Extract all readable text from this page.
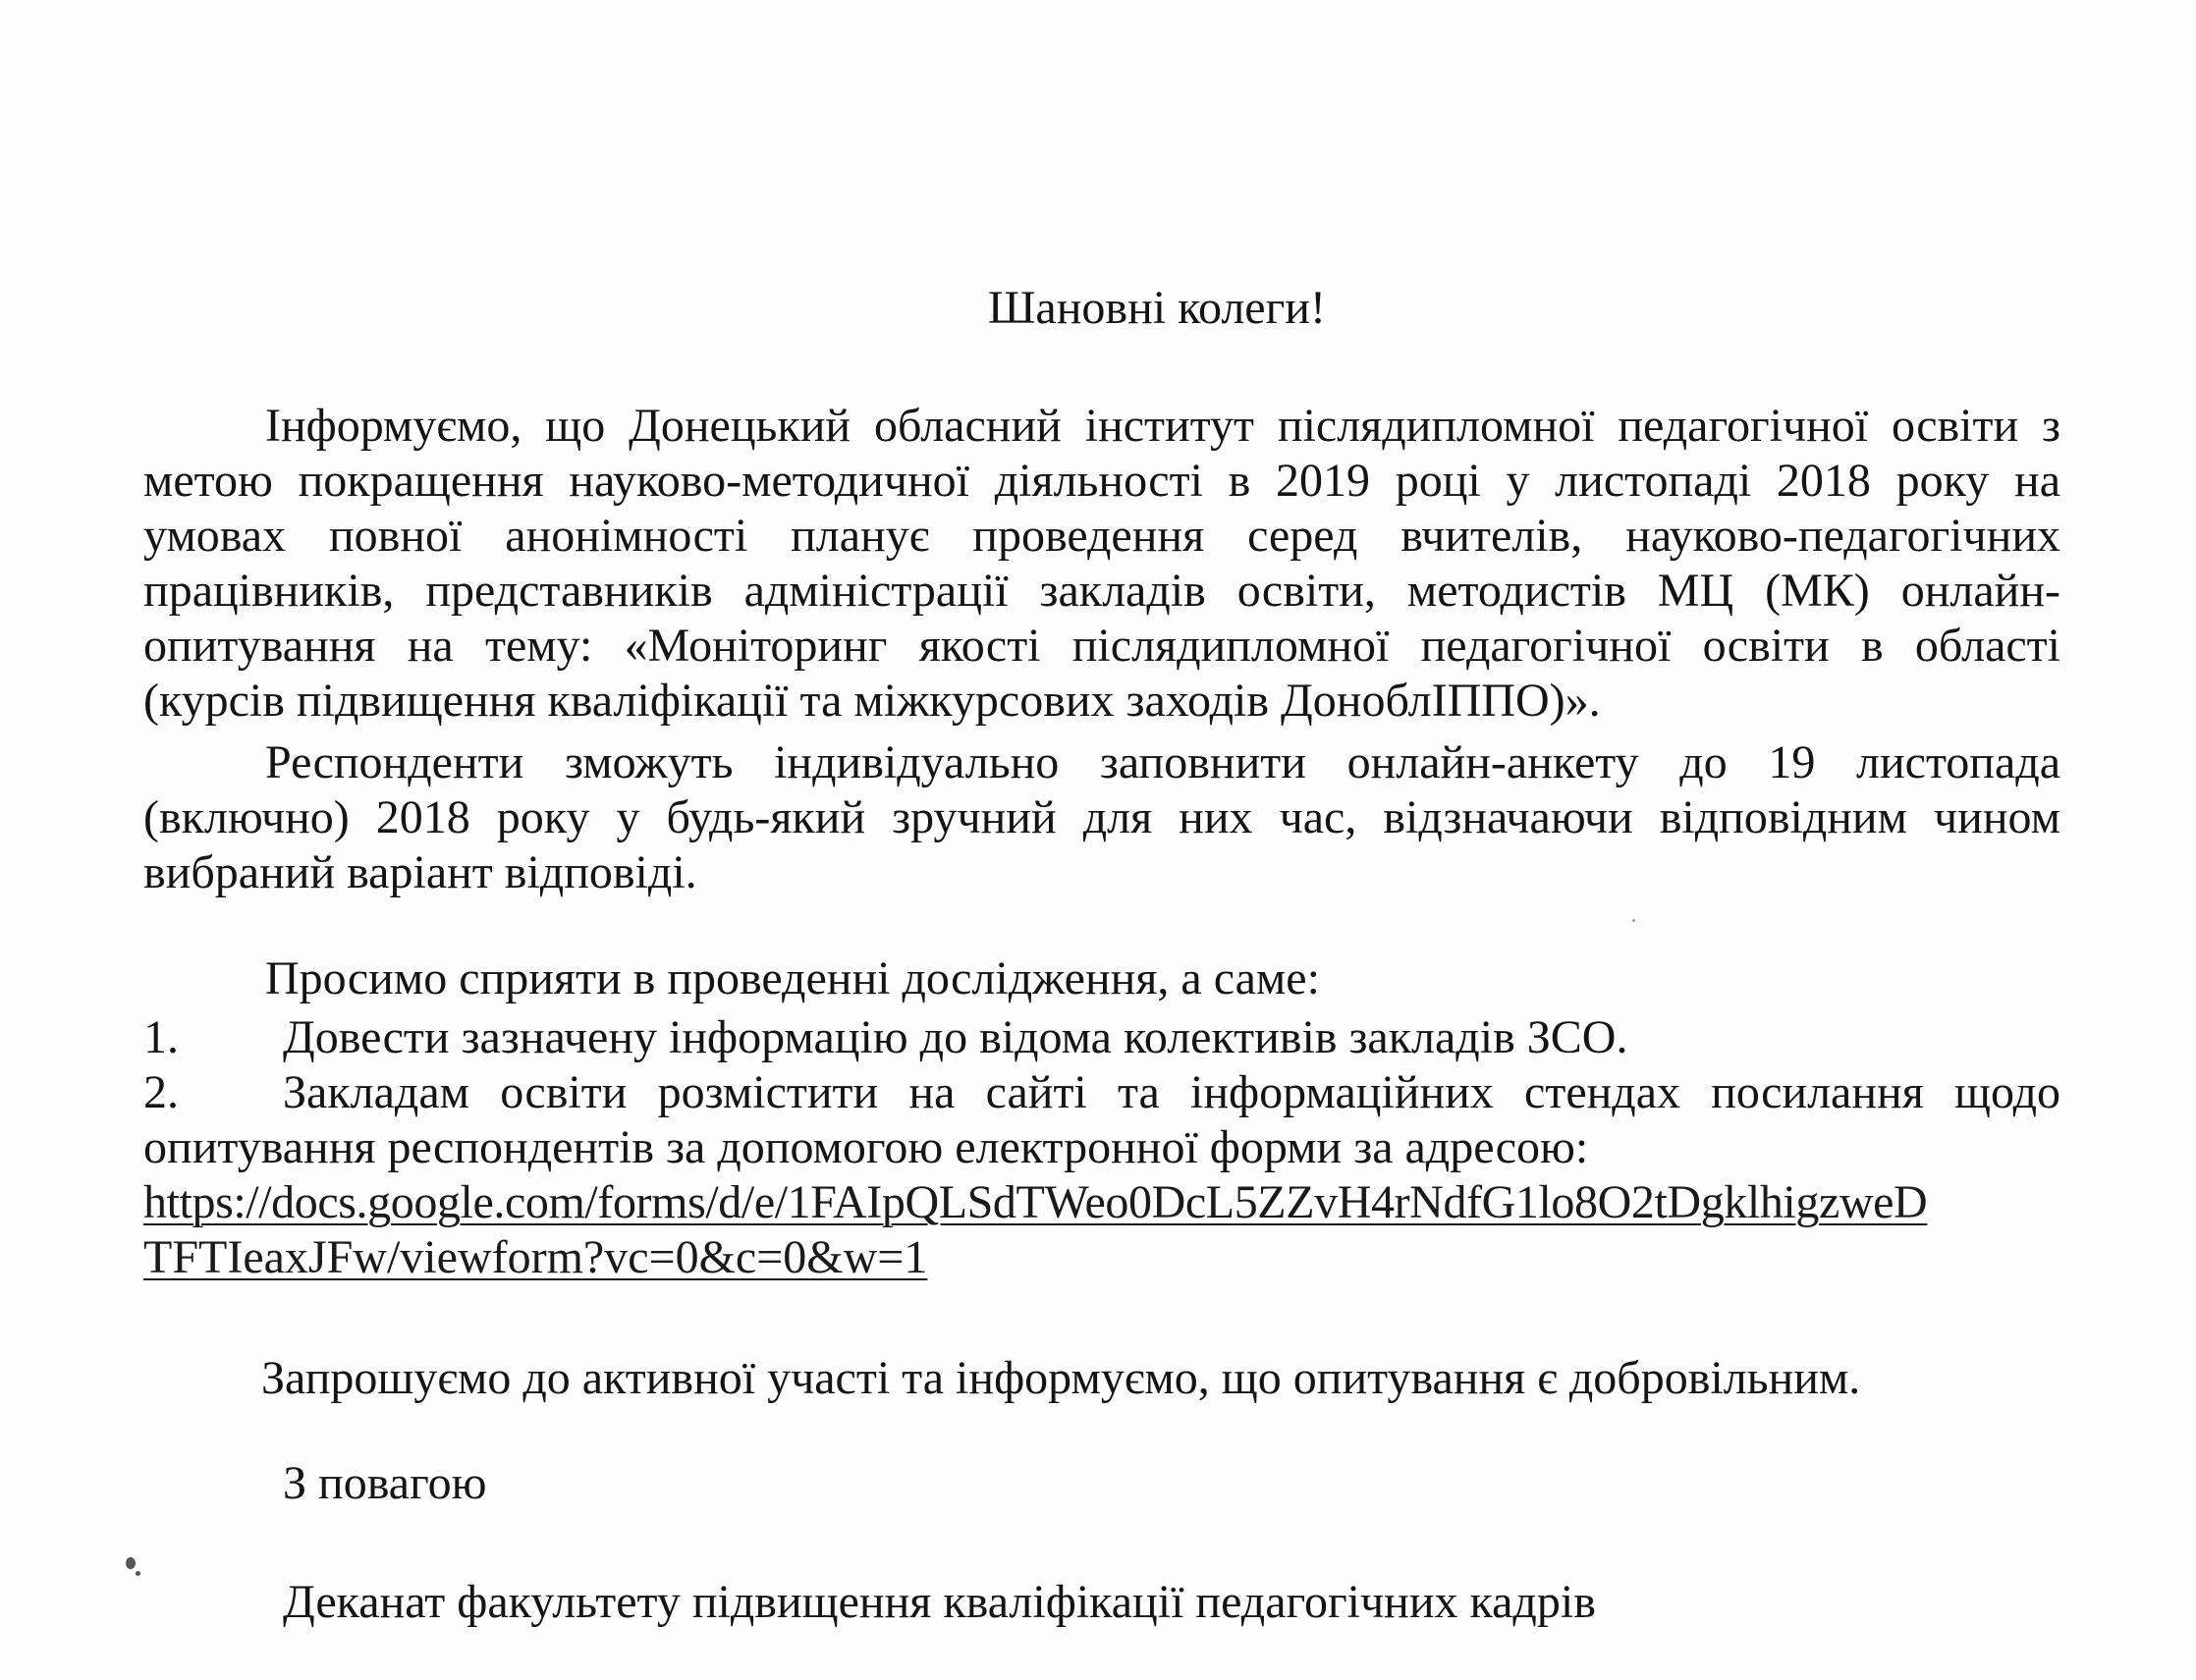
Шановні колеги!

Інформуємо, що Донецький обласний інститут післядипломної педагогічної освіти з

метою покращення науково-методичної діяльності в 2019 році у листопаді 2018 року на

умовах повної анонімності планує проведення серед вчителів, науково-педагогічних

працівників, представників адміністрації закладів освіти, методистів МЦ (МК) онлайн-

опитування на тему: «Моніторинг якості післядипломної педагогічної освіти в області

(курсів підвищення кваліфікації та міжкурсових заходів ДоноблІППО)».

Респонденти зможуть індивідуально заповнити онлайн-анкету до 19 листопада

(включно) 2018 року у будь-який зручний для них час, відзначаючи відповідним чином

вибраний варіант відповіді.

Просимо сприяти в проведенні дослідження, а саме:

1. Довести зазначену інформацію до відома колективів закладів ЗСО.

2. Закладам освіти розмістити на сайті та інформаційних стендах посилання щодо

опитування респондентів за допомогою електронної форми за адресою:

https://docs.google.com/forms/d/e/1FAIpQLSdTWeo0DcL5ZZvH4rNdfG1lo8O2tDgklhigzweD

TFTIeaxJFw/viewform?vc=0&c=0&w=1

Запрошуємо до активної участі та інформуємо, що опитування є добровільним.

З повагою

Деканат факультету підвищення кваліфікації педагогічних кадрів
